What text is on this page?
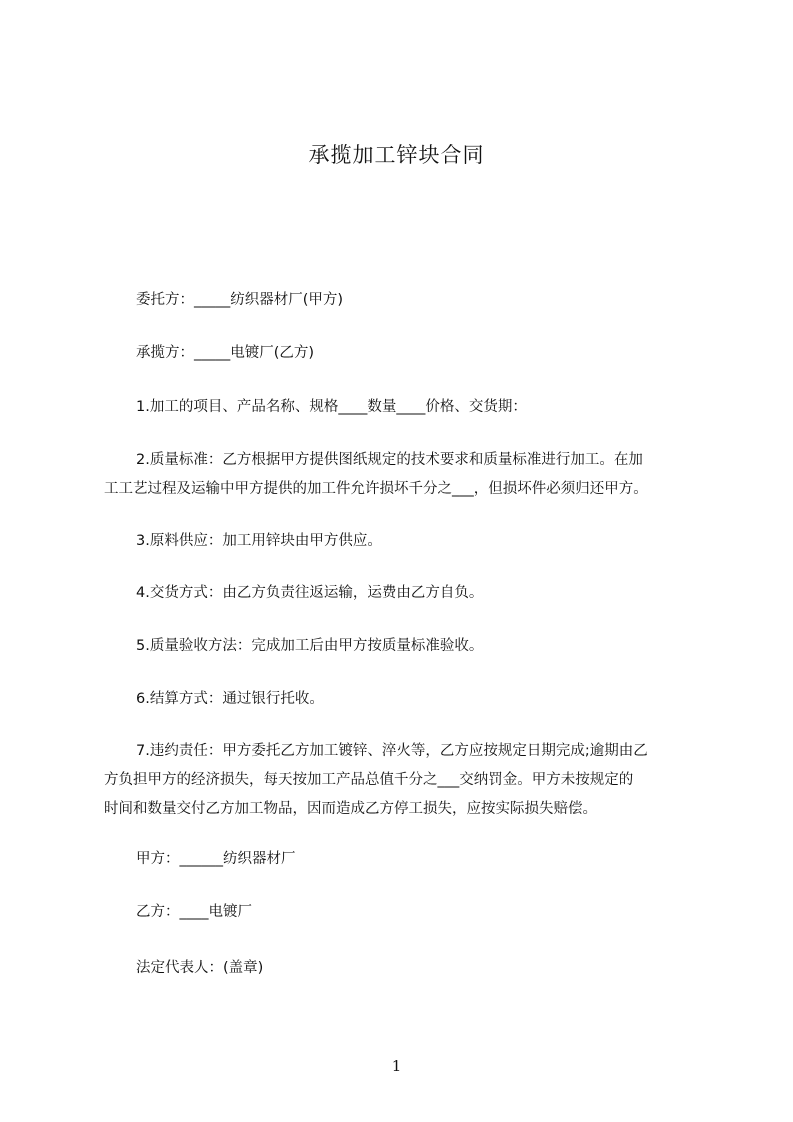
承揽加工锌块合同
委托方：_____纺织器材厂(甲方)
承揽方：_____电镀厂(乙方)
1.加工的项目、产品名称、规格____数量____价格、交货期：
2.质量标准：乙方根据甲方提供图纸规定的技术要求和质量标准进行加工。在加
工工艺过程及运输中甲方提供的加工件允许损坏千分之___，但损坏件必须归还甲方。
3.原料供应：加工用锌块由甲方供应。
4.交货方式：由乙方负责往返运输，运费由乙方自负。
5.质量验收方法：完成加工后由甲方按质量标准验收。
6.结算方式：通过银行托收。
7.违约责任：甲方委托乙方加工镀锌、淬火等，乙方应按规定日期完成;逾期由乙
方负担甲方的经济损失，每天按加工产品总值千分之___交纳罚金。甲方未按规定的
时间和数量交付乙方加工物品，因而造成乙方停工损失，应按实际损失赔偿。
甲方：______纺织器材厂
乙方：____电镀厂
法定代表人：(盖章)
1
